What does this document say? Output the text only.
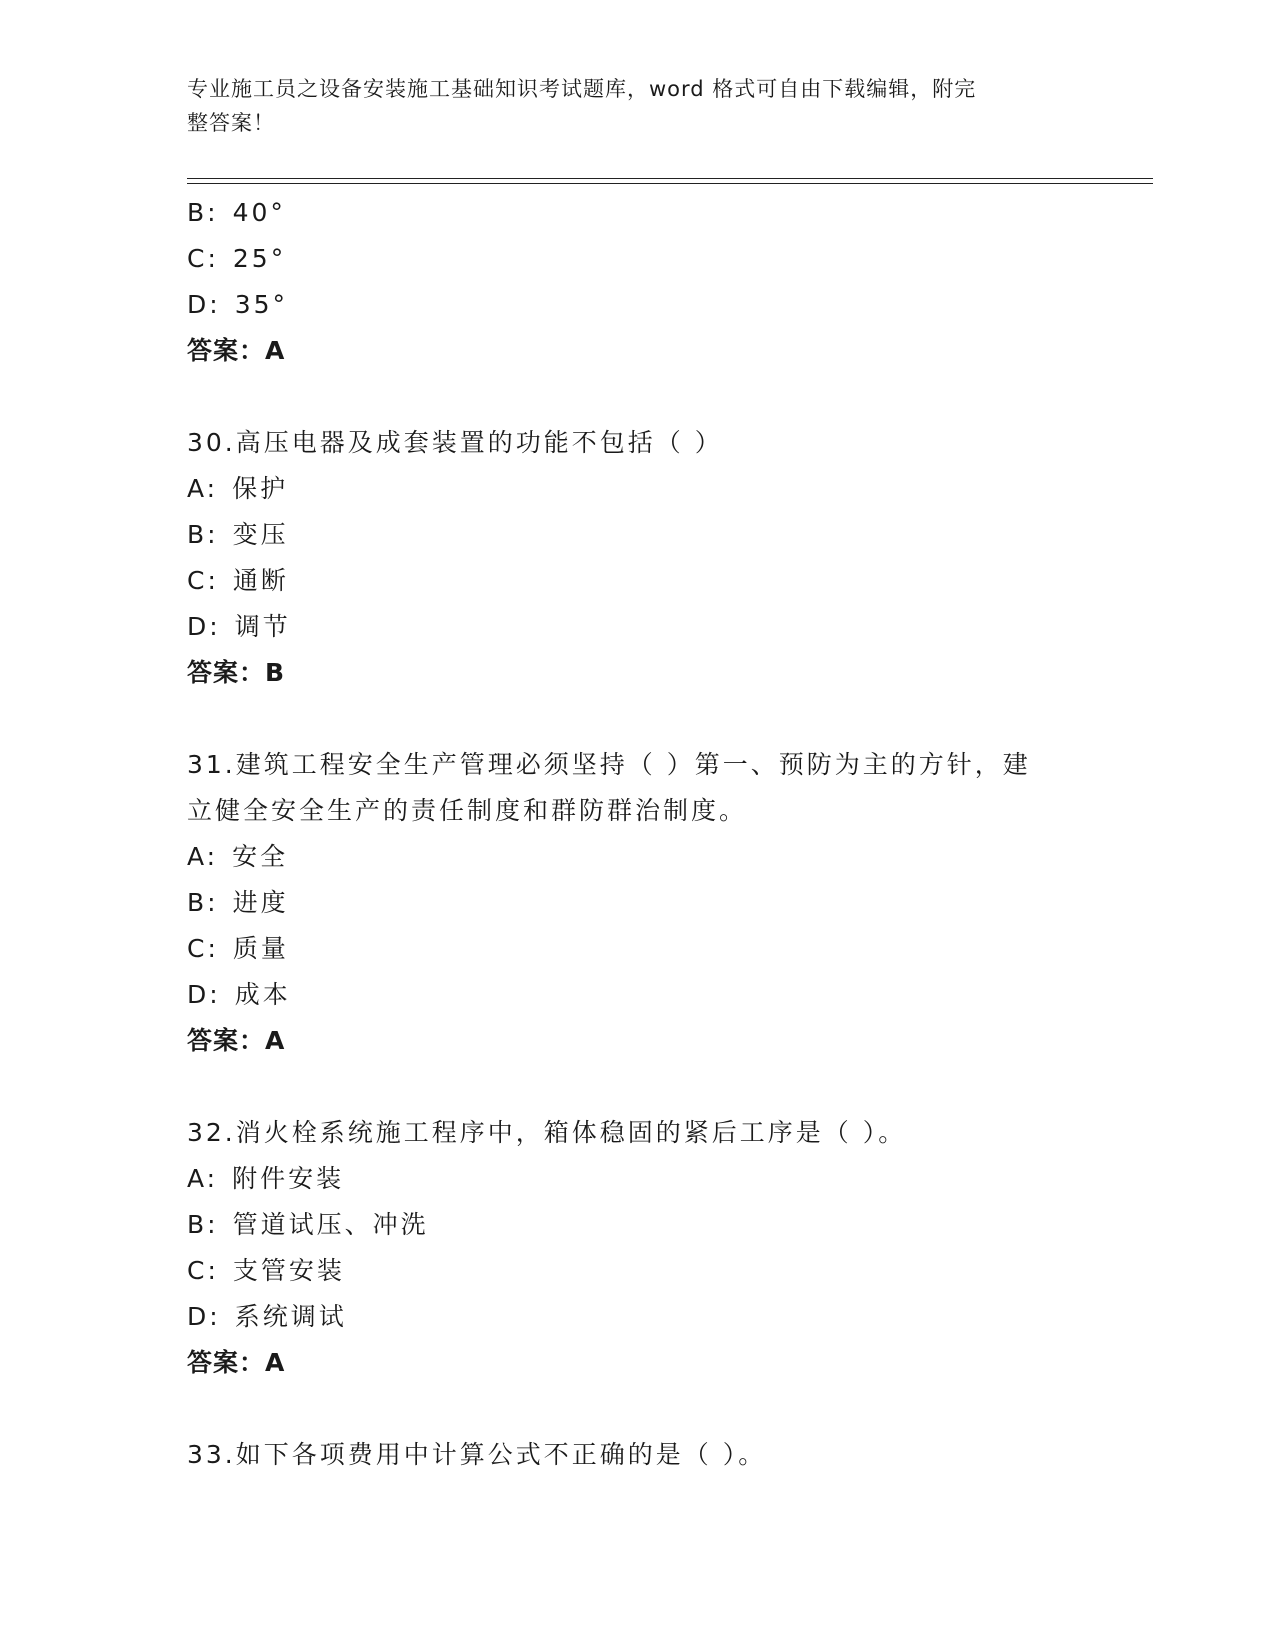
专业施工员之设备安装施工基础知识考试题库，word 格式可自由下载编辑，附完
整答案！
B: 40°
C: 25°
D: 35°
答案：A
30.高压电器及成套装置的功能不包括（ ）
A: 保护
B: 变压
C: 通断
D: 调节
答案：B
31.建筑工程安全生产管理必须坚持（ ）第一、预防为主的方针，建
立健全安全生产的责任制度和群防群治制度。
A: 安全
B: 进度
C: 质量
D: 成本
答案：A
32.消火栓系统施工程序中，箱体稳固的紧后工序是（ ）。
A: 附件安装
B: 管道试压、冲洗
C: 支管安装
D: 系统调试
答案：A
33.如下各项费用中计算公式不正确的是（ ）。
